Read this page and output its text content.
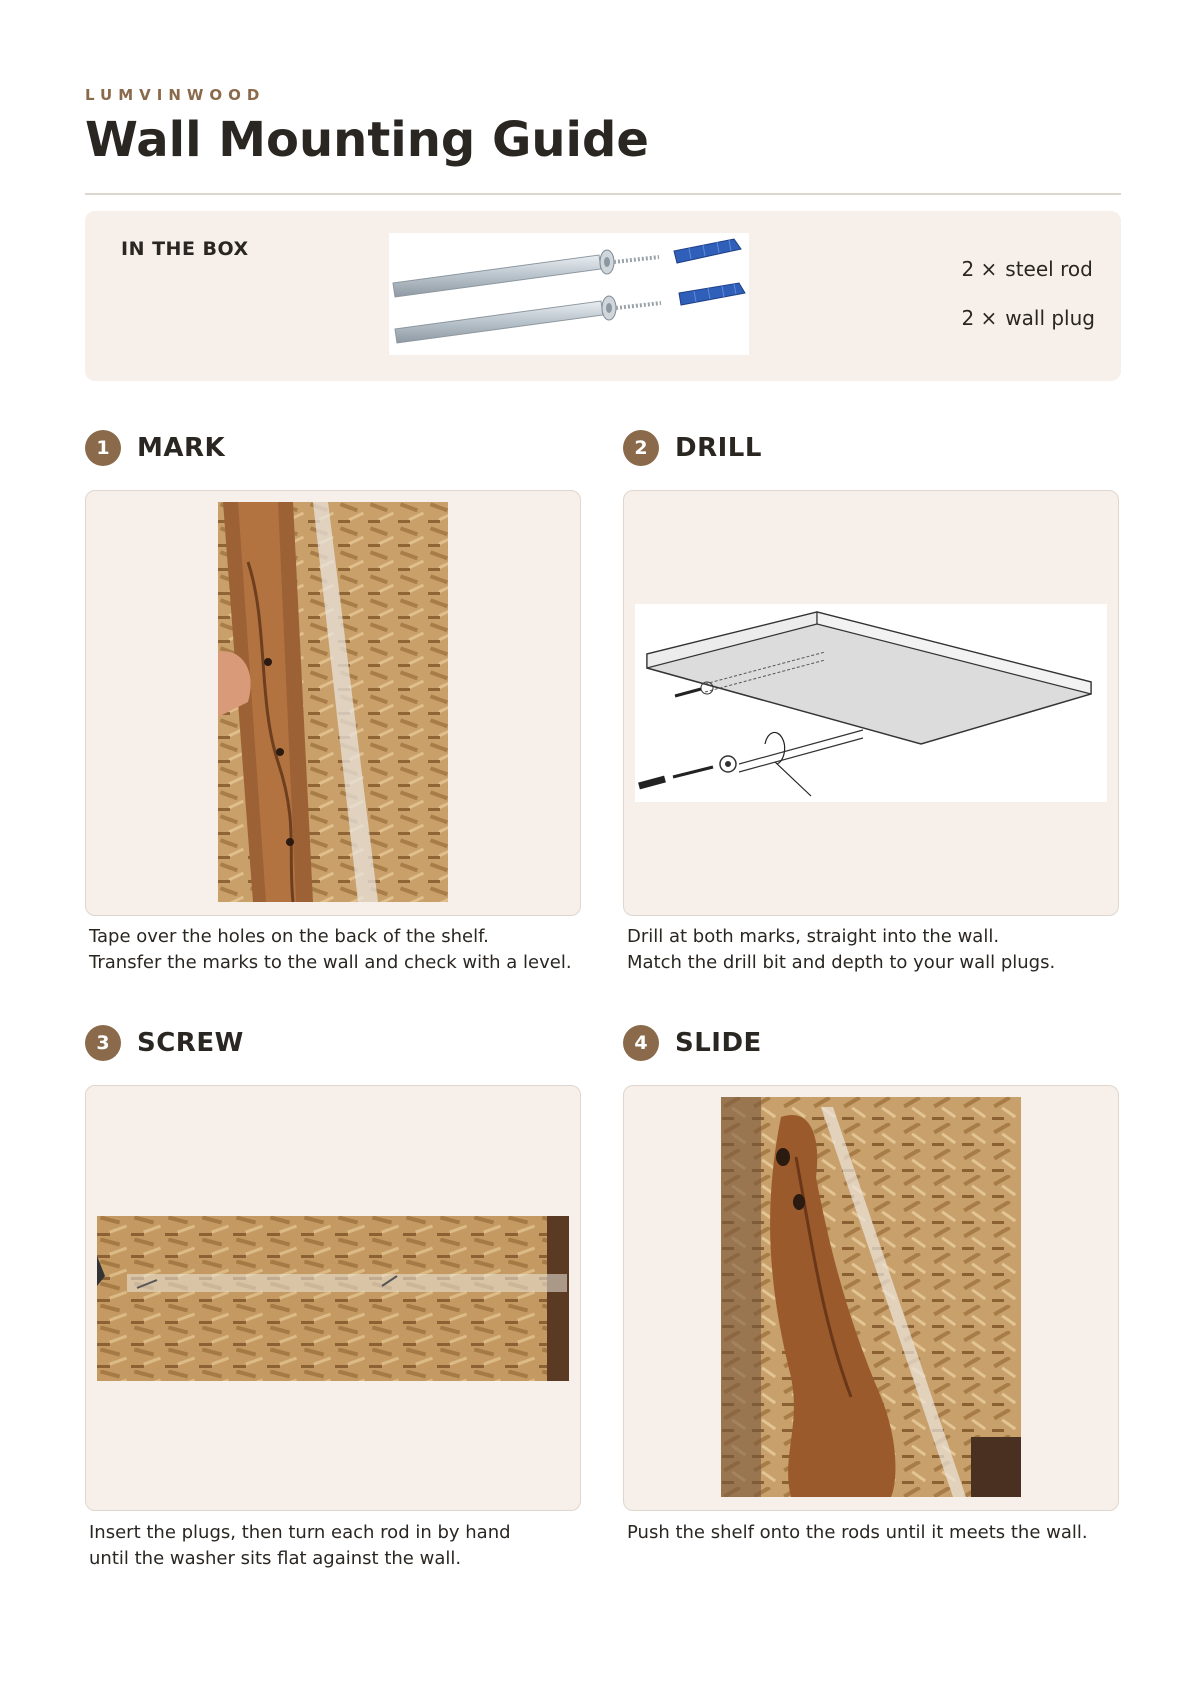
LUMVINWOOD
Wall Mounting Guide
IN THE BOX
2 × steel rod
2 × wall plug
1	MARK
Tape over the holes on the back of the shelf.
Transfer the marks to the wall and check with a level.
2	DRILL
Drill at both marks, straight into the wall.
Match the drill bit and depth to your wall plugs.
3	SCREW
Insert the plugs, then turn each rod in by hand
until the washer sits flat against the wall.
4	SLIDE
Push the shelf onto the rods until it meets the wall.
